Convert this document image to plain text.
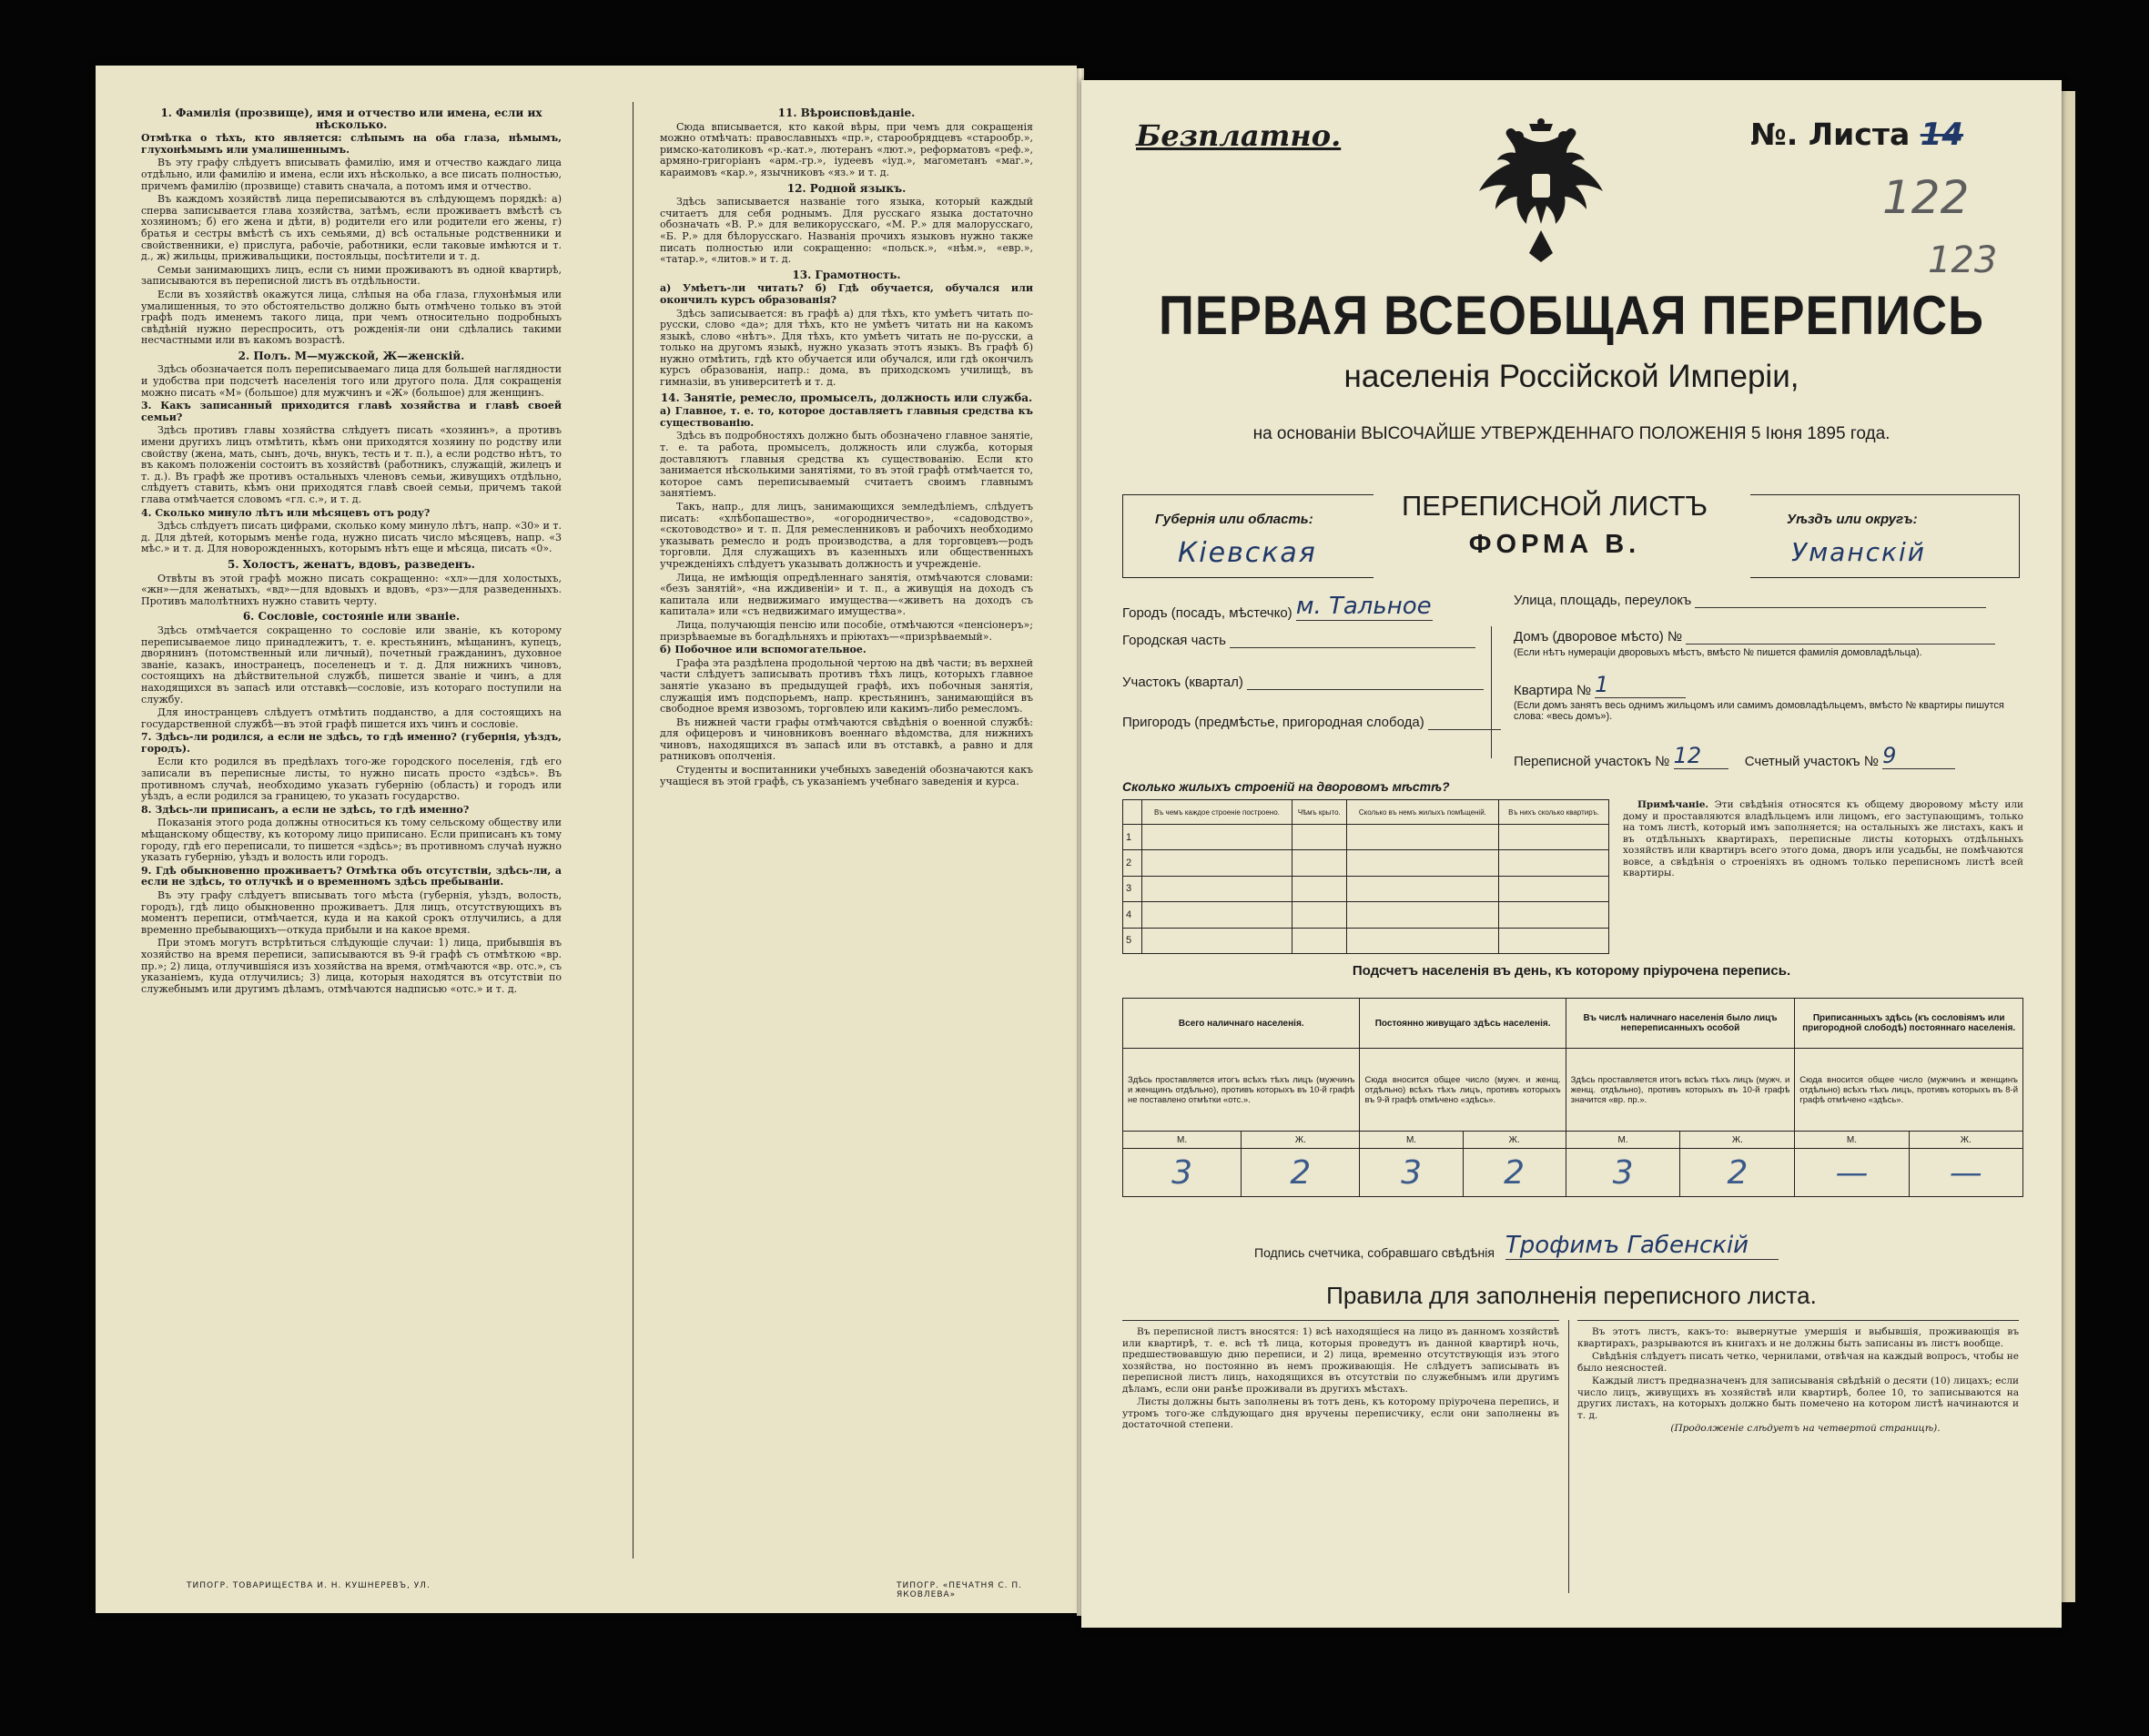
1. Фамилія (прозвище), имя и отчество или имена, если их нѣсколько.

Отмѣтка о тѣхъ, кто является: слѣпымъ на оба глаза, нѣмымъ, глухонѣмымъ или умалишеннымъ.

Въ эту графу слѣдуетъ вписывать фамилію, имя и отчество каждаго лица отдѣльно, или фамилію и имена, если ихъ нѣсколько, а все писать полностью, причемъ фамилію (прозвище) ставить сначала, а потомъ имя и отчество.

Въ каждомъ хозяйствѣ лица переписываются въ слѣдующемъ порядкѣ: а) сперва записывается глава хозяйства, затѣмъ, если проживаетъ вмѣстѣ съ хозяиномъ; б) его жена и дѣти, в) родители его или родители его жены, г) братья и сестры вмѣстѣ съ ихъ семьями, д) всѣ остальные родственники и свойственники, е) прислуга, рабочіе, работники, если таковые имѣются и т. д., ж) жильцы, приживальщики, постояльцы, посѣтители и т. д.

Семьи занимающихъ лицъ, если съ ними проживаютъ въ одной квартирѣ, записываются въ переписной листъ въ отдѣльности.

Если въ хозяйствѣ окажутся лица, слѣпыя на оба глаза, глухонѣмыя или умалишенныя, то это обстоятельство должно быть отмѣчено только въ этой графѣ подъ именемъ такого лица, при чемъ относительно подробныхъ свѣдѣній нужно переспросить, отъ рожденія-ли они сдѣлались такими несчастными или въ какомъ возрастѣ.

2. Полъ. М—мужской, Ж—женскій.

Здѣсь обозначается полъ переписываемаго лица для большей наглядности и удобства при подсчетѣ населенія того или другого пола. Для сокращенія можно писать «М» (большое) для мужчинъ и «Ж» (большое) для женщинъ.

3. Какъ записанный приходится главѣ хозяйства и главѣ своей семьи?

Здѣсь противъ главы хозяйства слѣдуетъ писать «хозяинъ», а противъ имени другихъ лицъ отмѣтить, кѣмъ они приходятся хозяину по родству или свойству (жена, мать, сынъ, дочь, внукъ, тесть и т. п.), а если родство нѣтъ, то въ какомъ положеніи состоитъ въ хозяйствѣ (работникъ, служащій, жилецъ и т. д.). Въ графѣ же противъ остальныхъ членовъ семьи, живущихъ отдѣльно, слѣдуетъ ставить, кѣмъ они приходятся главѣ своей семьи, причемъ такой глава отмѣчается словомъ «гл. с.», и т. д.

4. Сколько минуло лѣтъ или мѣсяцевъ отъ роду?

Здѣсь слѣдуетъ писать цифрами, сколько кому минуло лѣтъ, напр. «30» и т. д. Для дѣтей, которымъ менѣе года, нужно писать число мѣсяцевъ, напр. «3 мѣс.» и т. д. Для новорожденныхъ, которымъ нѣтъ еще и мѣсяца, писать «0».

5. Холостъ, женатъ, вдовъ, разведенъ.

Отвѣты въ этой графѣ можно писать сокращенно: «хл»—для холостыхъ, «жн»—для женатыхъ, «вд»—для вдовыхъ и вдовъ, «рз»—для разведенныхъ. Противъ малолѣтнихъ нужно ставить черту.

6. Сословіе, состояніе или званіе.

Здѣсь отмѣчается сокращенно то сословіе или званіе, къ которому переписываемое лицо принадлежитъ, т. е. крестьянинъ, мѣщанинъ, купецъ, дворянинъ (потомственный или личный), почетный гражданинъ, духовное званіе, казакъ, иностранецъ, поселенецъ и т. д. Для нижнихъ чиновъ, состоящихъ на дѣйствительной службѣ, пишется званіе и чинъ, а для находящихся въ запасѣ или отставкѣ—сословіе, изъ котораго поступили на службу.

Для иностранцевъ слѣдуетъ отмѣтить подданство, а для состоящихъ на государственной службѣ—въ этой графѣ пишется ихъ чинъ и сословіе.

7. Здѣсь-ли родился, а если не здѣсь, то гдѣ именно? (губернія, уѣздъ, городъ).

Если кто родился въ предѣлахъ того-же городского поселенія, гдѣ его записали въ переписные листы, то нужно писать просто «здѣсь». Въ противномъ случаѣ, необходимо указать губернію (область) и городъ или уѣздъ, а если родился за границею, то указать государство.

8. Здѣсь-ли приписанъ, а если не здѣсь, то гдѣ именно?

Показанія этого рода должны относиться къ тому сельскому обществу или мѣщанскому обществу, къ которому лицо приписано. Если приписанъ къ тому городу, гдѣ его переписали, то пишется «здѣсь»; въ противномъ случаѣ нужно указать губернію, уѣздъ и волость или городъ.

9. Гдѣ обыкновенно проживаетъ? Отмѣтка объ отсутствіи, здѣсь-ли, а если не здѣсь, то отлучкѣ и о временномъ здѣсь пребываніи.

Въ эту графу слѣдуетъ вписывать того мѣста (губернія, уѣздъ, волость, городъ), гдѣ лицо обыкновенно проживаетъ. Для лицъ, отсутствующихъ въ моментъ переписи, отмѣчается, куда и на какой срокъ отлучились, а для временно пребывающихъ—откуда прибыли и на какое время.

При этомъ могутъ встрѣтиться слѣдующіе случаи: 1) лица, прибывшія въ хозяйство на время переписи, записываются въ 9-й графѣ съ отмѣткою «вр. пр.»; 2) лица, отлучившіяся изъ хозяйства на время, отмѣчаются «вр. отс.», съ указаніемъ, куда отлучились; 3) лица, которыя находятся въ отсутствіи по служебнымъ или другимъ дѣламъ, отмѣчаются надписью «отс.» и т. д.

11. Вѣроисповѣданіе.

Сюда вписывается, кто какой вѣры, при чемъ для сокращенія можно отмѣчать: православныхъ «пр.», старообрядцевъ «старообр.», римско-католиковъ «р.-кат.», лютеранъ «лют.», реформатовъ «реф.», армяно-григоріанъ «арм.-гр.», іудеевъ «іуд.», магометанъ «маг.», караимовъ «кар.», язычниковъ «яз.» и т. д.

12. Родной языкъ.

Здѣсь записывается названіе того языка, который каждый считаетъ для себя роднымъ. Для русскаго языка достаточно обозначать «В. Р.» для великорусскаго, «М. Р.» для малорусскаго, «Б. Р.» для бѣлорусскаго. Названія прочихъ языковъ нужно также писать полностью или сокращенно: «польск.», «нѣм.», «евр.», «татар.», «литов.» и т. д.

13. Грамотность.

а) Умѣетъ-ли читать? б) Гдѣ обучается, обучался или окончилъ курсъ образованія?

Здѣсь записывается: въ графѣ а) для тѣхъ, кто умѣетъ читать по-русски, слово «да»; для тѣхъ, кто не умѣетъ читать ни на какомъ языкѣ, слово «нѣтъ». Для тѣхъ, кто умѣетъ читать не по-русски, а только на другомъ языкѣ, нужно указать этотъ языкъ. Въ графѣ б) нужно отмѣтить, гдѣ кто обучается или обучался, или гдѣ окончилъ курсъ образованія, напр.: дома, въ приходскомъ училищѣ, въ гимназіи, въ университетѣ и т. д.

14. Занятіе, ремесло, промыселъ, должность или служба.

а) Главное, т. е. то, которое доставляетъ главныя средства къ существованію.

Здѣсь въ подробностяхъ должно быть обозначено главное занятіе, т. е. та работа, промыселъ, должность или служба, которыя доставляютъ главныя средства къ существованію. Если кто занимается нѣсколькими занятіями, то въ этой графѣ отмѣчается то, которое самъ переписываемый считаетъ своимъ главнымъ занятіемъ.

Такъ, напр., для лицъ, занимающихся земледѣліемъ, слѣдуетъ писать: «хлѣбопашество», «огородничество», «садоводство», «скотоводство» и т. п. Для ремесленниковъ и рабочихъ необходимо указывать ремесло и родъ производства, а для торговцевъ—родъ торговли. Для служащихъ въ казенныхъ или общественныхъ учрежденіяхъ слѣдуетъ указывать должность и учрежденіе.

Лица, не имѣющія опредѣленнаго занятія, отмѣчаются словами: «безъ занятій», «на иждивеніи» и т. п., а живущія на доходъ съ капитала или недвижимаго имущества—«живетъ на доходъ съ капитала» или «съ недвижимаго имущества».

Лица, получающія пенсію или пособіе, отмѣчаются «пенсіонеръ»; призрѣваемые въ богадѣльняхъ и пріютахъ—«призрѣваемый».

б) Побочное или вспомогательное.

Графа эта раздѣлена продольной чертою на двѣ части; въ верхней части слѣдуетъ записывать противъ тѣхъ лицъ, которыхъ главное занятіе указано въ предыдущей графѣ, ихъ побочныя занятія, служащія имъ подспорьемъ, напр. крестьянинъ, занимающійся въ свободное время извозомъ, торговлею или какимъ-либо ремесломъ.

Въ нижней части графы отмѣчаются свѣдѣнія о военной службѣ: для офицеровъ и чиновниковъ военнаго вѣдомства, для нижнихъ чиновъ, находящихся въ запасѣ или въ отставкѣ, а равно и для ратниковъ ополченія.

Студенты и воспитанники учебныхъ заведеній обозначаются какъ учащіеся въ этой графѣ, съ указаніемъ учебнаго заведенія и курса.

ТИПОГР. ТОВАРИЩЕСТВА И. Н. КУШНЕРЕВЪ, УЛ.	ТИПОГР. «ПЕЧАТНЯ С. П. ЯКОВЛЕВА»
Безплатно.	№. Листа 14
122
123
ПЕРВАЯ ВСЕОБЩАЯ ПЕРЕПИСЬ
населенія Россійской Имперіи,
на основаніи ВЫСОЧАЙШЕ УТВЕРЖДЕННАГО ПОЛОЖЕНІЯ 5 Іюня 1895 года.
Губернія или область:
Кіевская
ПЕРЕПИСНОЙ ЛИСТЪ
ФОРМА В.
Уѣздъ или округъ:
Уманскій
Городъ (посадъ, мѣстечко) м. Тальное	Улица, площадь, переулокъ
Городская часть	Домъ (дворовое мѣсто) №
(Если нѣтъ нумераціи дворовыхъ мѣстъ, вмѣсто № пишется фамилія домовладѣльца).
Участокъ (квартал)
Квартира № 1
(Если домъ занятъ весь однимъ жильцомъ или самимъ домовладѣльцемъ, вмѣсто № квартиры пишутся слова: «весь домъ»).
Пригородъ (предмѣстье, пригородная слобода)
Переписной участокъ № 12	Счетный участокъ № 9
Сколько жилыхъ строеній на дворовомъ мѣстѣ?
	Въ чемъ каждое строеніе построено.	Чѣмъ крыто.	Сколько въ немъ жилыхъ помѣщеній.	Въ нихъ сколько квартиръ.
1				
2				
3				
4				
5				

Примѣчаніе. Эти свѣдѣнія относятся къ общему дворовому мѣсту или дому и проставляются владѣльцемъ или лицомъ, его заступающимъ, только на томъ листѣ, который имъ заполняется; на остальныхъ же листахъ, какъ и въ отдѣльныхъ квартирахъ, переписные листы которыхъ отдѣльныхъ хозяйствъ или квартиръ всего этого дома, дворъ или усадьбы, не помѣчаются вовсе, а свѣдѣнія о строеніяхъ въ одномъ только переписномъ листѣ всей квартиры.

Подсчетъ населенія въ день, къ которому пріурочена перепись.
Всего наличнаго населенія.		Постоянно живущаго здѣсь населенія.		Въ числѣ наличнаго населенія было лицъ непереписанныхъ особой		Приписанныхъ здѣсь (къ сословіямъ или пригородной слободѣ) постояннаго населенія.	
Здѣсь проставляется итогъ всѣхъ тѣхъ лицъ (мужчинъ и женщинъ отдѣльно), противъ которыхъ въ 10-й графѣ не поставлено отмѣтки «отс.».		Сюда вносится общее число (мужч. и женщ. отдѣльно) всѣхъ тѣхъ лицъ, противъ которыхъ въ 9-й графѣ отмѣчено «здѣсь».		Здѣсь проставляется итогъ всѣхъ тѣхъ лицъ (мужч. и женщ. отдѣльно), противъ которыхъ въ 10-й графѣ значится «вр. пр.».		Сюда вносится общее число (мужчинъ и женщинъ отдѣльно) всѣхъ тѣхъ лицъ, противъ которыхъ въ 8-й графѣ отмѣчено «здѣсь».	
М.	Ж.	М.	Ж.	М.	Ж.	М.	Ж.
3	2	3	2	3	2	—	—
Подпись счетчика, собравшаго свѣдѣнія Трофимъ Габенскій
Правила для заполненія переписного листа.

Въ переписной листъ вносятся: 1) всѣ находящіеся на лицо въ данномъ хозяйствѣ или квартирѣ, т. е. всѣ тѣ лица, которыя проведутъ въ данной квартирѣ ночь, предшествовавшую дню переписи, и 2) лица, временно отсутствующія изъ этого хозяйства, но постоянно въ немъ проживающія. Не слѣдуетъ записывать въ переписной листъ лицъ, находящихся въ отсутствіи по служебнымъ или другимъ дѣламъ, если они ранѣе проживали въ другихъ мѣстахъ.

Листы должны быть заполнены въ тотъ день, къ которому пріурочена перепись, и утромъ того-же слѣдующаго дня вручены переписчику, если они заполнены въ достаточной степени.

Въ этотъ листъ, какъ-то: вывернутые умершія и выбывшія, проживающія въ квартирахъ, разрываются въ книгахъ и не должны быть записаны въ листъ вообще.

Свѣдѣнія слѣдуетъ писать четко, чернилами, отвѣчая на каждый вопросъ, чтобы не было неясностей.

Каждый листъ предназначенъ для записыванія свѣдѣній о десяти (10) лицахъ; если число лицъ, живущихъ въ хозяйствѣ или квартирѣ, более 10, то записываются на других листахъ, на которыхъ должно быть помечено на котором листѣ начинаются и т. д.

(Продолженіе слѣдуетъ на четвертой страницѣ).
